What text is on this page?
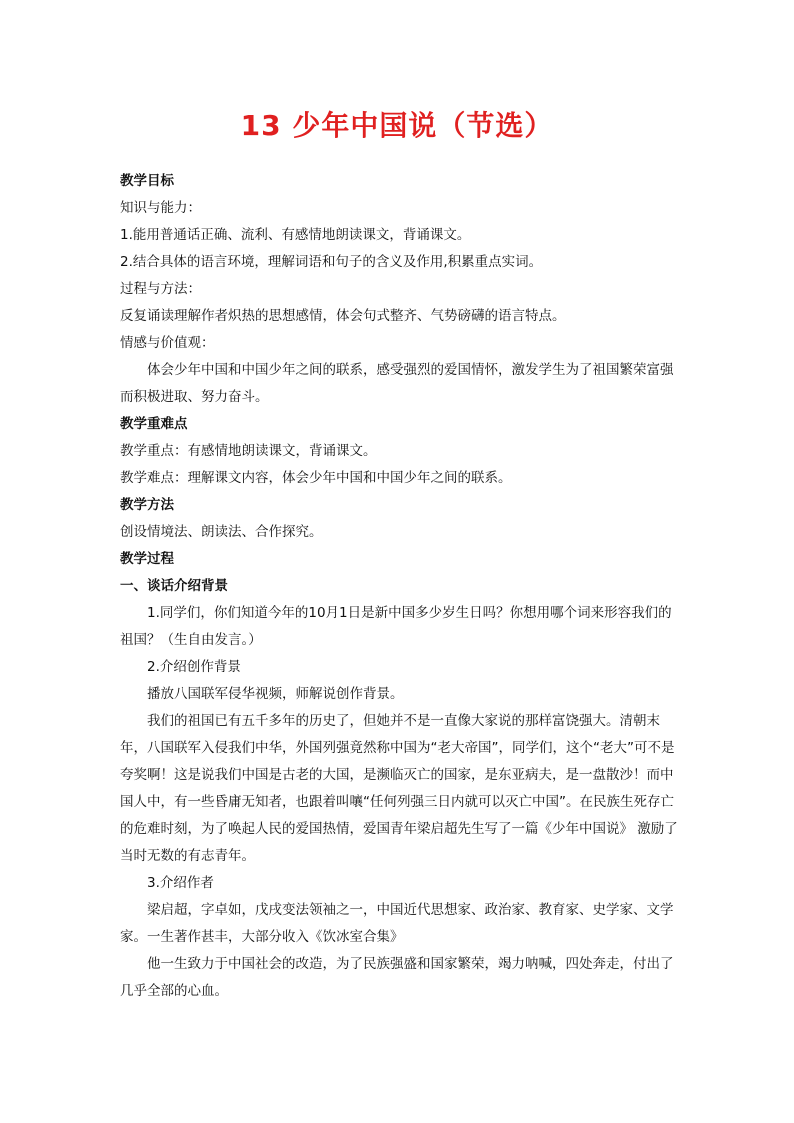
13 少年中国说（节选）

教学目标

知识与能力：

1.能用普通话正确、流利、有感情地朗读课文，背诵课文。

2.结合具体的语言环境，理解词语和句子的含义及作用,积累重点实词。

过程与方法：

反复诵读理解作者炽热的思想感情，体会句式整齐、气势磅礴的语言特点。

情感与价值观：

体会少年中国和中国少年之间的联系，感受强烈的爱国情怀，激发学生为了祖国繁荣富强而积极进取、努力奋斗。

教学重难点

教学重点：有感情地朗读课文，背诵课文。

教学难点：理解课文内容，体会少年中国和中国少年之间的联系。

教学方法

创设情境法、朗读法、合作探究。

教学过程

一、谈话介绍背景

1.同学们，你们知道今年的10月1日是新中国多少岁生日吗？你想用哪个词来形容我们的祖国？（生自由发言。）

2.介绍创作背景

播放八国联军侵华视频，师解说创作背景。

我们的祖国已有五千多年的历史了，但她并不是一直像大家说的那样富饶强大。清朝末年，八国联军入侵我们中华，外国列强竟然称中国为“老大帝国”，同学们，这个“老大”可不是夸奖啊！这是说我们中国是古老的大国，是濒临灭亡的国家，是东亚病夫，是一盘散沙！而中国人中，有一些昏庸无知者，也跟着叫嚷“任何列强三日内就可以灭亡中国”。在民族生死存亡的危难时刻，为了唤起人民的爱国热情，爱国青年梁启超先生写了一篇《少年中国说》 激励了当时无数的有志青年。

3.介绍作者

梁启超，字卓如，戊戌变法领袖之一，中国近代思想家、政治家、教育家、史学家、文学家。一生著作甚丰，大部分收入《饮冰室合集》

他一生致力于中国社会的改造，为了民族强盛和国家繁荣，竭力呐喊，四处奔走，付出了几乎全部的心血。
